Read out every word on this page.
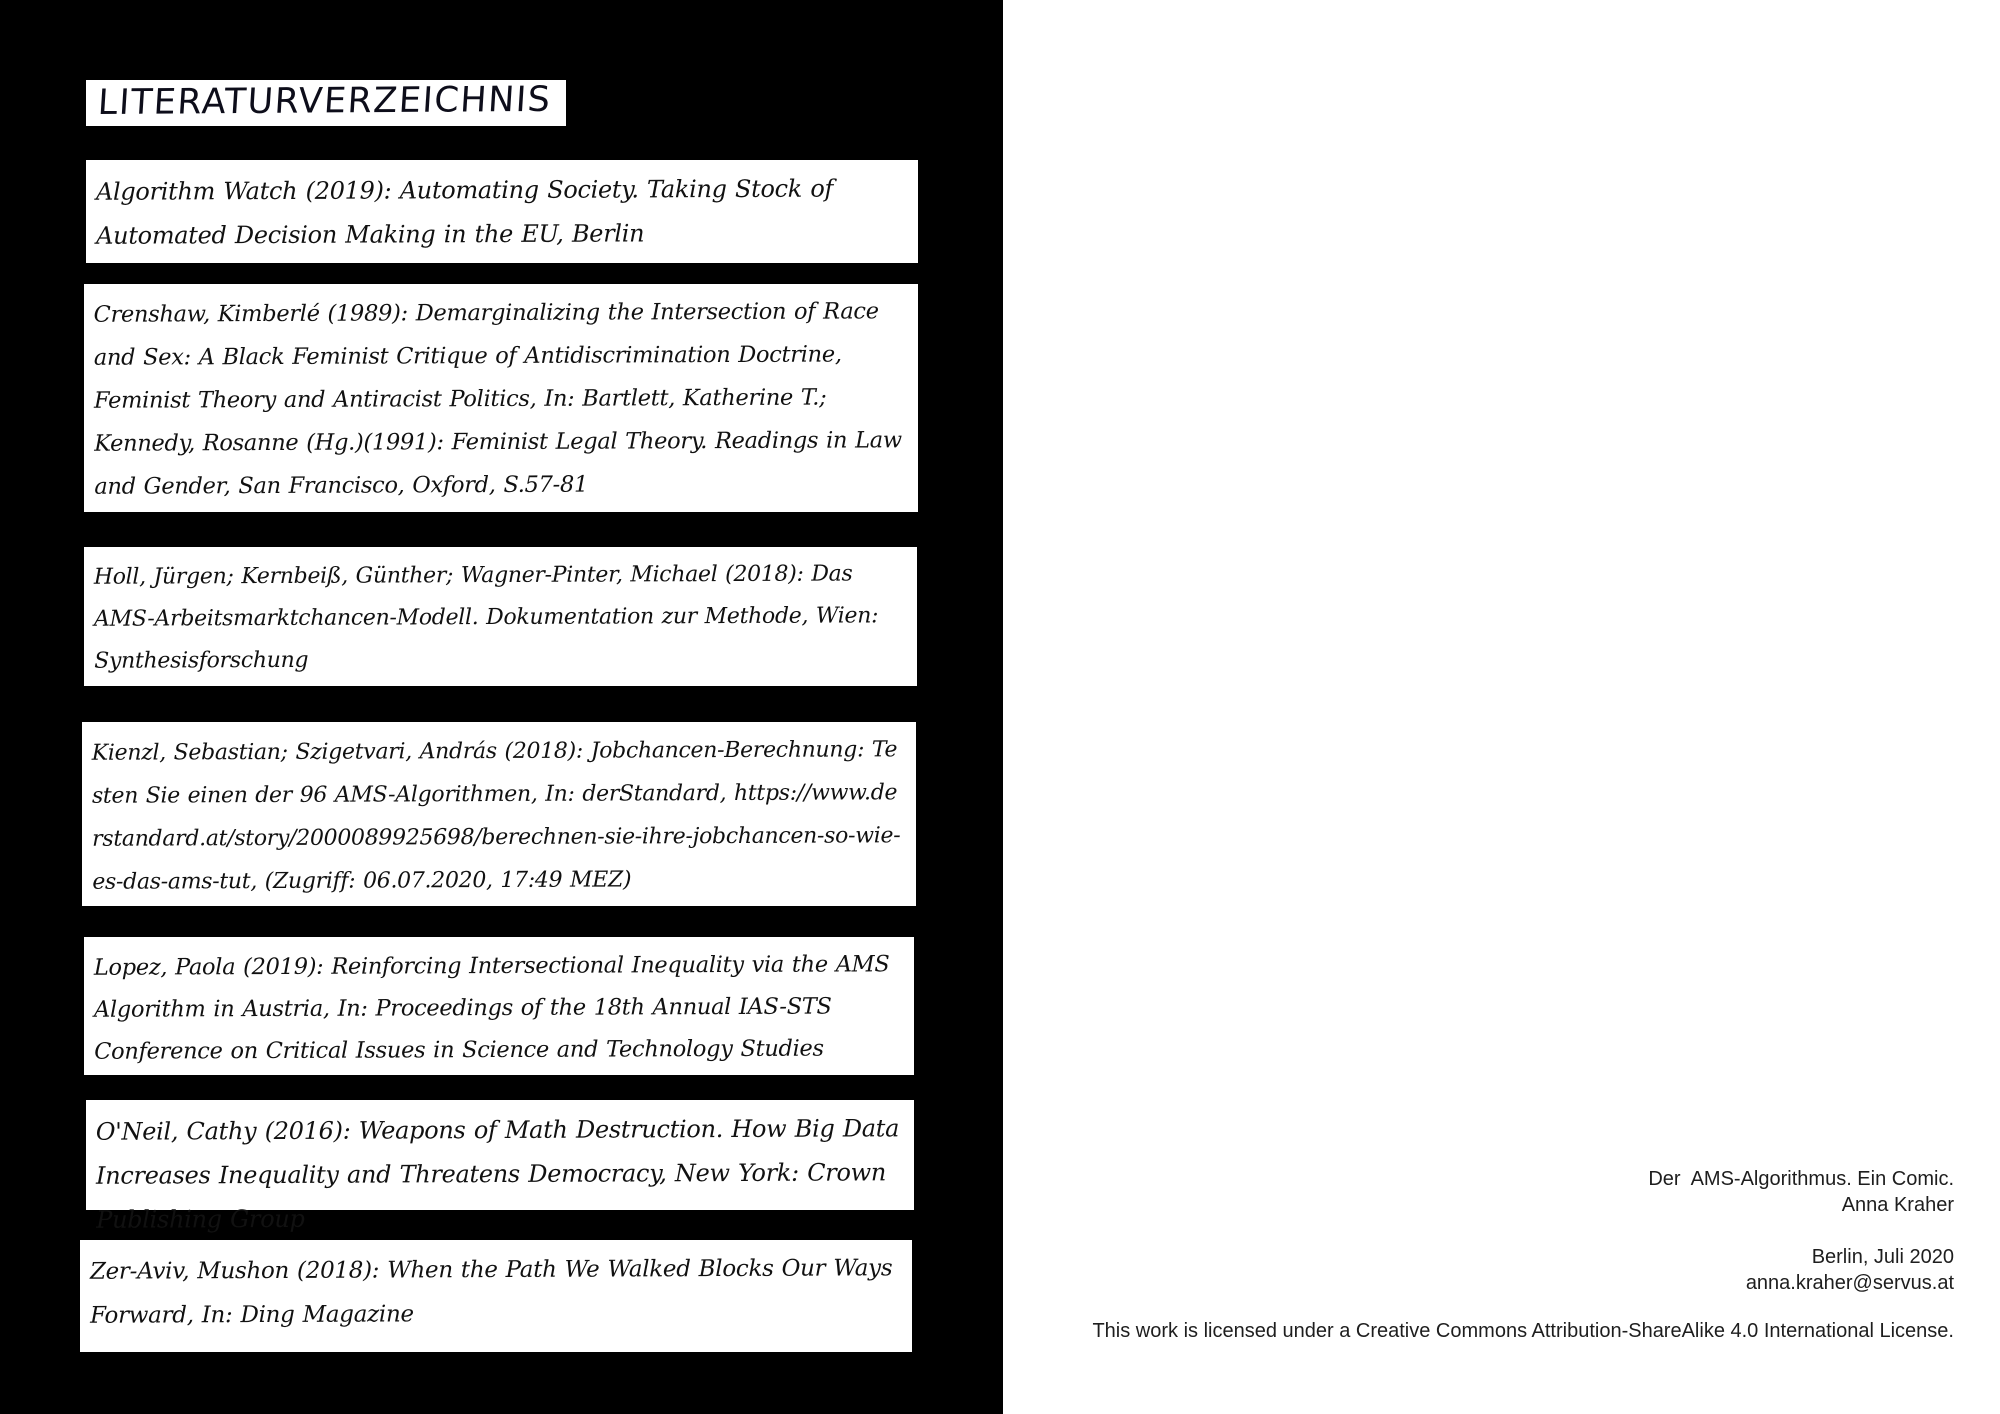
LITERATURVERZEICHNIS
Algorithm Watch (2019): Automating Society. Taking Stock of Automated Decision Making in the EU, Berlin
Crenshaw, Kimberlé (1989): Demarginalizing the Intersection of Race and Sex: A Black Feminist Critique of Antidiscrimination Doctrine, Feminist Theory and Antiracist Politics, In: Bartlett, Katherine T.; Kennedy, Rosanne (Hg.)(1991): Feminist Legal Theory. Readings in Law and Gender, San Francisco, Oxford, S.57-81
Holl, Jürgen; Kernbeiß, Günther; Wagner-Pinter, Michael (2018): Das AMS-Arbeitsmarktchancen-Modell. Dokumentation zur Methode, Wien: Synthesisforschung
Kienzl, Sebastian; Szigetvari, András (2018): Jobchancen-Berechnung: Testen Sie einen der 96 AMS-Algorithmen, In: derStandard, https://www.derstandard.at/story/2000089925698/berechnen-sie-ihre-jobchancen-so-wie-es-das-ams-tut, (Zugriff: 06.07.2020, 17:49 MEZ)
Lopez, Paola (2019): Reinforcing Intersectional Inequality via the AMS Algorithm in Austria, In: Proceedings of the 18th Annual IAS-STS Conference on Critical Issues in Science and Technology Studies
O'Neil, Cathy (2016): Weapons of Math Destruction. How Big Data Increases Inequality and Threatens Democracy, New York: Crown Publishing Group
Zer-Aviv, Mushon (2018): When the Path We Walked Blocks Our Ways Forward, In: Ding Magazine
Der  AMS-Algorithmus. Ein Comic.
Anna Kraher
Berlin, Juli 2020
anna.kraher@servus.at
This work is licensed under a Creative Commons Attribution-ShareAlike 4.0 International License.
